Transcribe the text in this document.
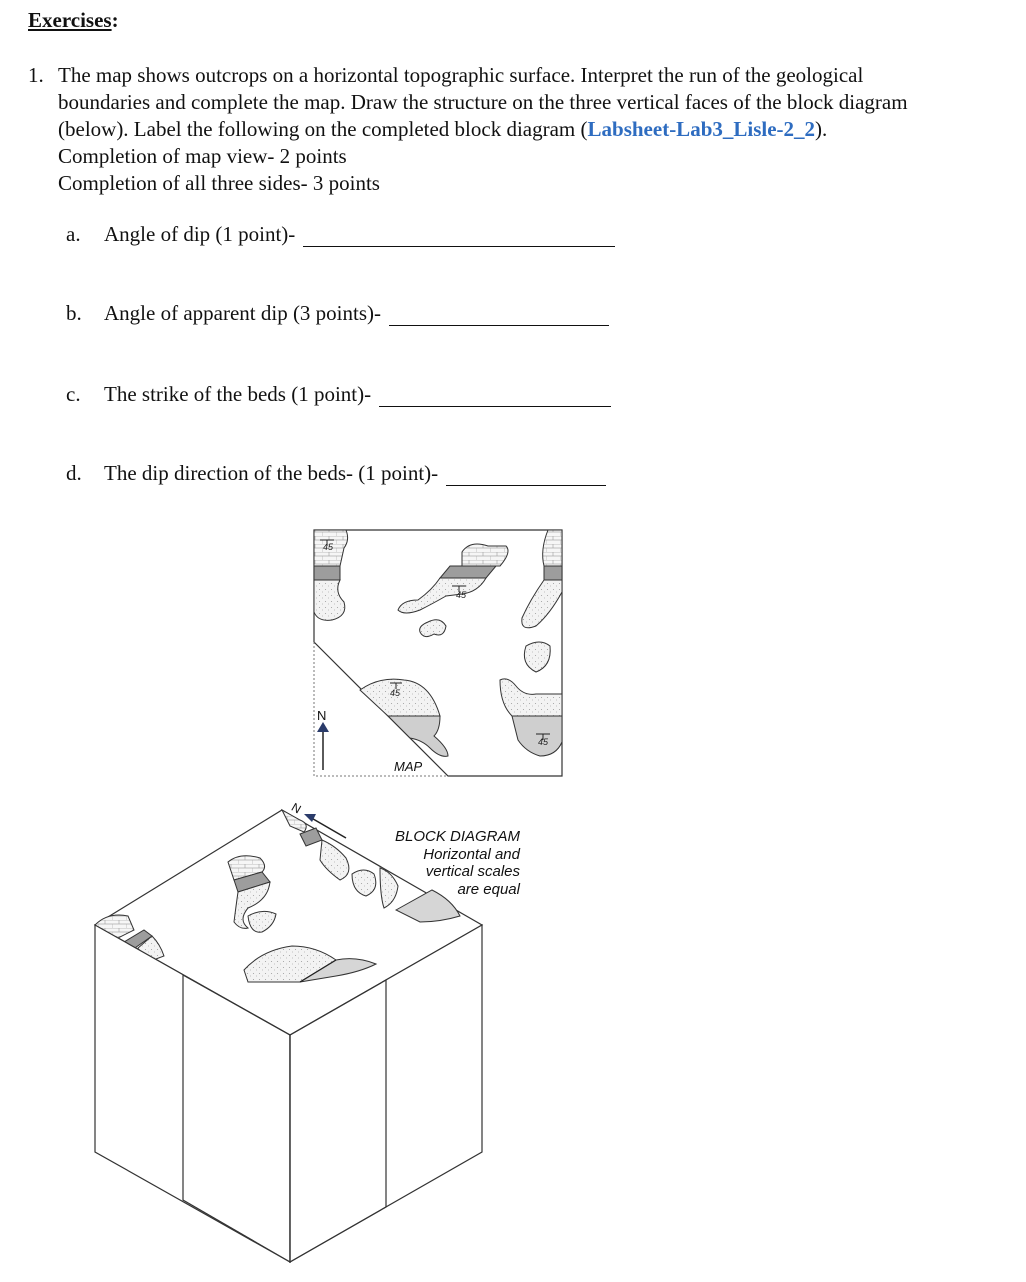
Exercises:
1. The map shows outcrops on a horizontal topographic surface. Interpret the run of the geological
boundaries and complete the map. Draw the structure on the three vertical faces of the block diagram
(below). Label the following on the completed block diagram (Labsheet-Lab3_Lisle-2_2).
Completion of map view- 2 points
Completion of all three sides- 3 points
a.	Angle of dip (1 point)-
b.	Angle of apparent dip (3 points)-
c.	The strike of the beds (1 point)-
d.	The dip direction of the beds- (1 point)-
45
45
45
45
N
MAP
N
BLOCK DIAGRAM
Horizontal and
vertical scales
are equal
